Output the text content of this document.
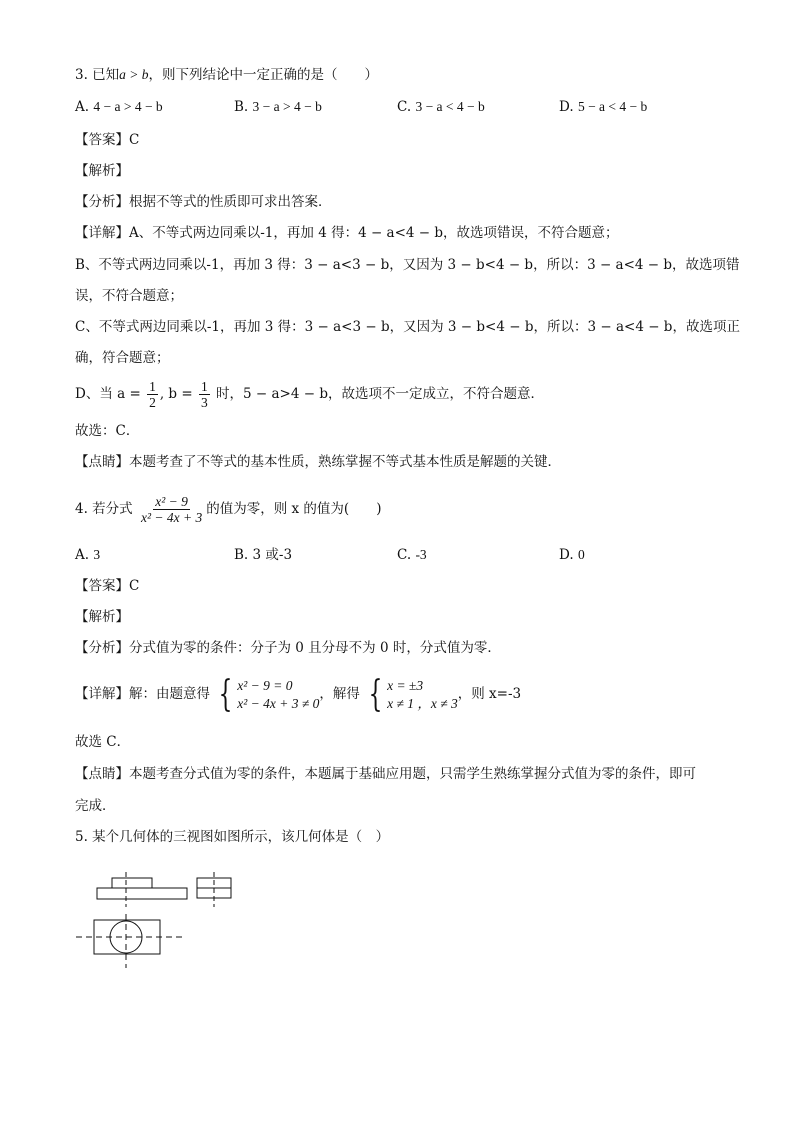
3. 已知a > b，则下列结论中一定正确的是（　　）
A. 4 − a > 4 − b	B. 3 − a > 4 − b	C. 3 − a < 4 − b	D. 5 − a < 4 − b
【答案】C
【解析】
【分析】根据不等式的性质即可求出答案．
【详解】A、不等式两边同乘以-1，再加 4 得：4 − a<4 − b，故选项错误，不符合题意；
B、不等式两边同乘以-1，再加 3 得：3 − a<3 − b，又因为 3 − b<4 − b，所以：3 − a<4 − b，故选项错
误，不符合题意；
C、不等式两边同乘以-1，再加 3 得：3 − a<3 − b，又因为 3 − b<4 − b，所以：3 − a<4 − b，故选项正
确，符合题意；
D、当 $a = \frac{1}{2}$ , $b = \frac{1}{3}$ 时，5 − a>4 − b，故选项不一定成立，不符合题意．
故选：C．
【点睛】本题考查了不等式的基本性质，熟练掌握不等式基本性质是解题的关键．
4. 若分式 $\frac{\text{x² − 9}}{\text{x² − 4x + 3}}$ 的值为零，则 x 的值为(　　)
A. 3	B. 3 或-3	C. -3	D. 0
【答案】C
【解析】
【分析】分式值为零的条件：分子为 0 且分母不为 0 时，分式值为零．
【详解】解：由题意得 { x² − 9 = 0
x² − 4x + 3 ≠ 0
，解得 { x = ±3
x ≠ 1 ，x ≠ 3
，则 x=-3
故选 C．
【点睛】本题考查分式值为零的条件，本题属于基础应用题，只需学生熟练掌握分式值为零的条件，即可
完成．
5. 某个几何体的三视图如图所示，该几何体是（　）
